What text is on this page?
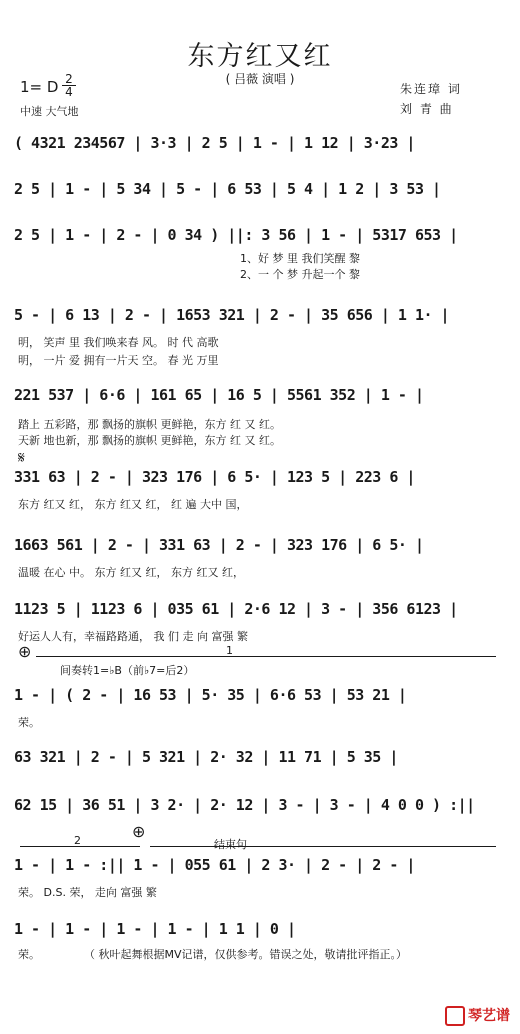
东方红又红
( 吕薇 演唱 )
1= D $\frac{2}{4}$
中速 大气地
朱连璋 词
刘 青 曲
( 4321 234567 | 3·3 | 2 5 | 1 - | 1 12 | 3·23 |
2 5 | 1 - | 5 34 | 5 - | 6 53 | 5 4 | 1 2 | 3 53 |
2 5 | 1 - | 2 - | 0 34 ) ||: 3 56 | 1 - | 5317 653 |
1、好 梦 里 我们笑醒 黎
2、一 个 梦 升起一个 黎
5 - | 6 13 | 2 - | 1653 321 | 2 - | 35 656 | 1 1· |
明， 笑声 里 我们唤来春 风。 时 代 高歌
明， 一片 爱 拥有一片天 空。 春 光 万里
221 537 | 6·6 | 161 65 | 16 5 | 5561 352 | 1 - |
踏上 五彩路，那 飘扬的旗帜 更鲜艳，东方 红 又 红。
天新 地也新，那 飘扬的旗帜 更鲜艳，东方 红 又 红。
𝄋
331 63 | 2 - | 323 176 | 6 5· | 123 5 | 223 6 |
东方 红又 红， 东方 红又 红， 红 遍 大中 国，
1663 561 | 2 - | 331 63 | 2 - | 323 176 | 6 5· |
温暖 在心 中。 东方 红又 红， 东方 红又 红，
1123 5 | 1123 6 | 035 61 | 2·6 12 | 3 - | 356 6123 |
好运人人有，幸福路路通， 我 们 走 向 富强 繁
⊕
间奏转1=♭B（前♭7=后2）
1
1 - | ( 2 - | 16 53 | 5· 35 | 6·6 53 | 53 21 |
荣。
63 321 | 2 - | 5 321 | 2· 32 | 11 71 | 5 35 |
62 15 | 36 51 | 3 2· | 2· 12 | 3 - | 3 - | 4 0 0 ) :||
2	⊕
结束句
1 - | 1 - :|| 1 - | 055 61 | 2 3· | 2 - | 2 - |
荣。 D.S. 荣， 走向 富强 繁
1 - | 1 - | 1 - | 1 - | 1 1 | 0 |
荣。	（ 秋叶起舞根据MV记谱，仅供参考。错误之处，敬请批评指正。）
琴艺谱
